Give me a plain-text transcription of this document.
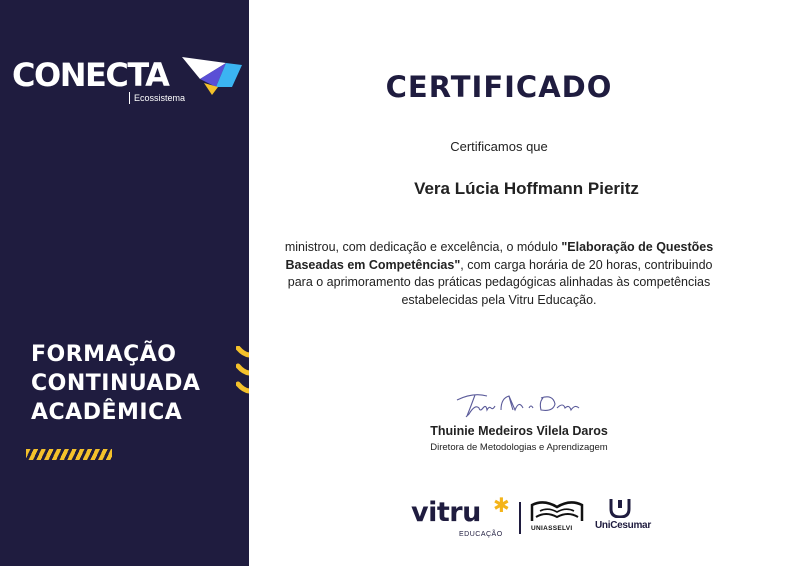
CONECTA
Ecossistema
FORMAÇÃO
CONTINUADA
ACADÊMICA
CERTIFICADO
Certificamos que
Vera Lúcia Hoffmann Pieritz
ministrou, com dedicação e excelência, o módulo "Elaboração de Questões Baseadas em Competências", com carga horária de 20 horas, contribuindo para o aprimoramento das práticas pedagógicas alinhadas às competências estabelecidas pela Vitru Educação.
Thuinie Medeiros Vilela Daros
Diretora de Metodologias e Aprendizagem
vitru ✱
EDUCAÇÃO
UNIASSELVI UniCesumar
